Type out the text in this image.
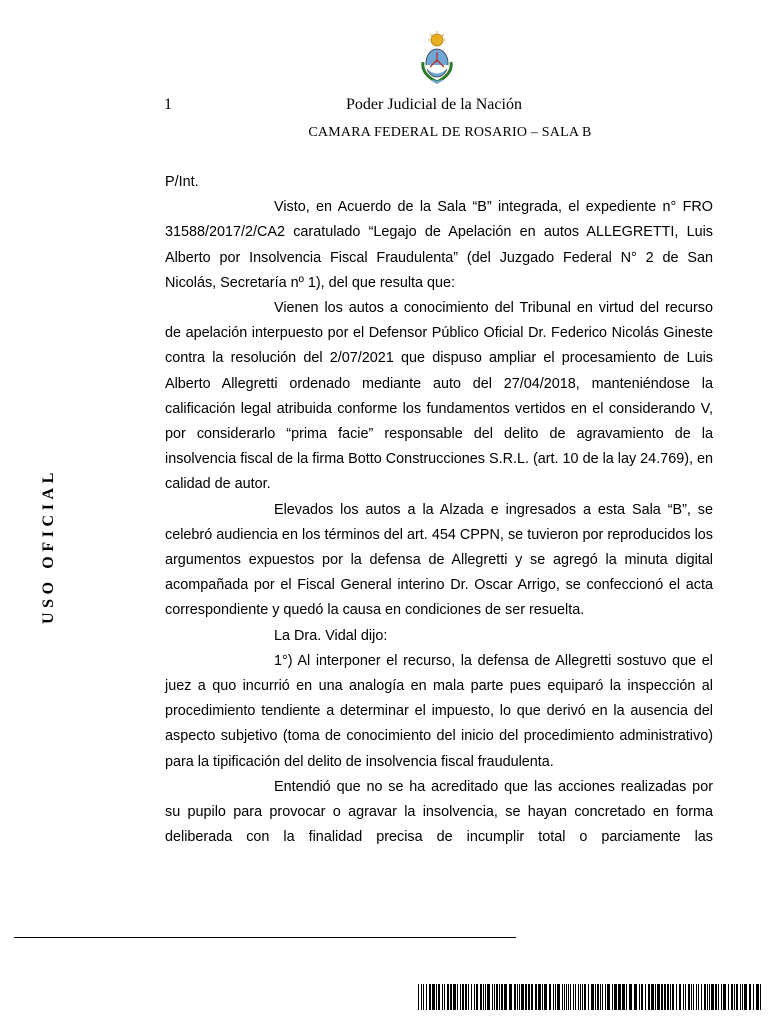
1	Poder Judicial de la Nación
CAMARA FEDERAL DE ROSARIO – SALA B
USO OFICIAL

P/Int.

Visto, en Acuerdo de la Sala “B” integrada, el expediente n° FRO 31588/2017/2/CA2 caratulado “Legajo de Apelación en autos ALLEGRETTI, Luis Alberto por Insolvencia Fiscal Fraudulenta” (del Juzgado Federal N° 2 de San Nicolás, Secretaría nº 1), del que resulta que:

Vienen los autos a conocimiento del Tribunal en virtud del recurso de apelación interpuesto por el Defensor Público Oficial Dr. Federico Nicolás Gineste contra la resolución del 2/07/2021 que dispuso ampliar el procesamiento de Luis Alberto Allegretti ordenado mediante auto del 27/04/2018, manteniéndose la calificación legal atribuida conforme los fundamentos vertidos en el considerando V, por considerarlo “prima facie” responsable del delito de agravamiento de la insolvencia fiscal de la firma Botto Construcciones S.R.L. (art. 10 de la lay 24.769), en calidad de autor.

Elevados los autos a la Alzada e ingresados a esta Sala “B”, se celebró audiencia en los términos del art. 454 CPPN, se tuvieron por reproducidos los argumentos expuestos por la defensa de Allegretti y se agregó la minuta digital acompañada por el Fiscal General interino Dr. Oscar Arrigo, se confeccionó el acta correspondiente y quedó la causa en condiciones de ser resuelta.

La Dra. Vidal dijo:

1°) Al interponer el recurso, la defensa de Allegretti sostuvo que el juez a quo incurrió en una analogía en mala parte pues equiparó la inspección al procedimiento tendiente a determinar el impuesto, lo que derivó en la ausencia del aspecto subjetivo (toma de conocimiento del inicio del procedimiento administrativo) para la tipificación del delito de insolvencia fiscal fraudulenta.

Entendió que no se ha acreditado que las acciones realizadas por su pupilo para provocar o agravar la insolvencia, se hayan concretado en forma deliberada con la finalidad precisa de incumplir total o parciamente las
